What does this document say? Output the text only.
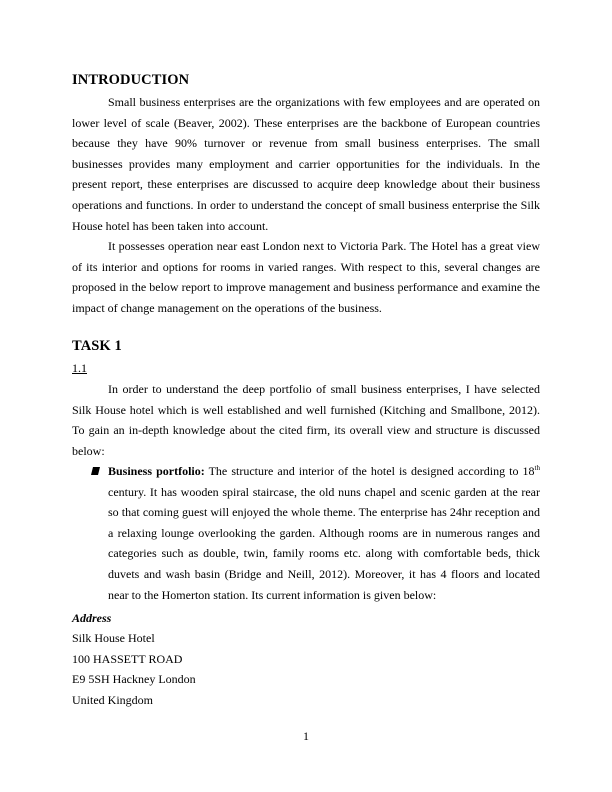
INTRODUCTION

Small business enterprises are the organizations with few employees and are operated on lower level of scale (Beaver, 2002). These enterprises are the backbone of European countries because they have 90% turnover or revenue from small business enterprises. The small businesses provides many employment and carrier opportunities for the individuals. In the present report, these enterprises are discussed to acquire deep knowledge about their business operations and functions. In order to understand the concept of small business enterprise the Silk House hotel has been taken into account.

It possesses operation near east London next to Victoria Park. The Hotel has a great view of its interior and options for rooms in varied ranges. With respect to this, several changes are proposed in the below report to improve management and business performance and examine the impact of change management on the operations of the business.

TASK 1

1.1

In order to understand the deep portfolio of small business enterprises, I have selected Silk House hotel which is well established and well furnished (Kitching and Smallbone, 2012). To gain an in-depth knowledge about the cited firm, its overall view and structure is discussed below:

Business portfolio: The structure and interior of the hotel is designed according to 18th century. It has wooden spiral staircase, the old nuns chapel and scenic garden at the rear so that coming guest will enjoyed the whole theme. The enterprise has 24hr reception and a relaxing lounge overlooking the garden. Although rooms are in numerous ranges and categories such as double, twin, family rooms etc. along with comfortable beds, thick duvets and wash basin (Bridge and Neill, 2012). Moreover, it has 4 floors and located near to the Homerton station. Its current information is given below:

Address

Silk House Hotel

100 HASSETT ROAD

E9 5SH Hackney London

United Kingdom

1
